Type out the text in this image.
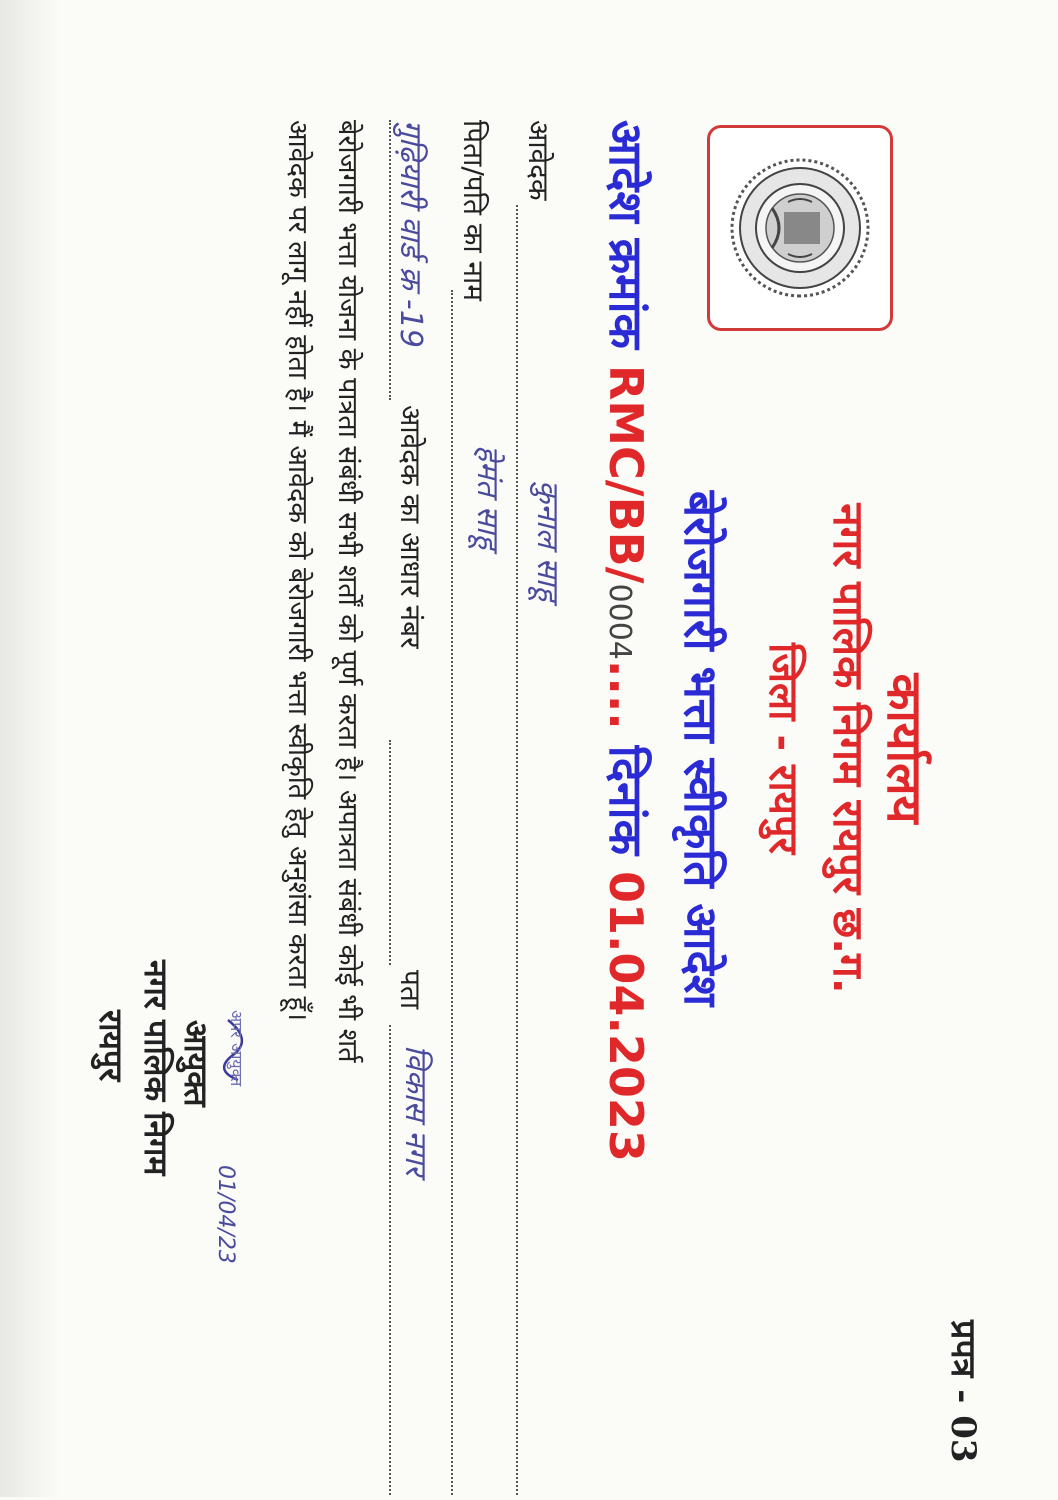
प्रपत्र - 03
कार्यालय
नगर पालिक निगम रायपुर छ.ग.
जिला - रायपुर
बेरोजगारी भत्ता स्वीकृति आदेश
आदेश क्रमांक RMC/BB/0004.... दिनांक 01.04.2023
आवेदक
कुनाल साहू
पिता/पति का नाम
हेमंत साहू
गुढ़ियारी वार्ड क्र -19
आवेदक का आधार नंबर
पता
विकास नगर
बेरोजगारी भत्ता योजना के पात्रता संबंधी सभी शर्तों को पूर्ण करता है। अपात्रता संबंधी कोई भी शर्त
आवेदक पर लागू नहीं होता है। मैं आवेदक को बेरोजगारी भत्ता स्वीकृति हेतु अनुशंसा करता हूँ।
अपर आयुक्त
01/04/23
आयुक्त
नगर पालिक निगम
रायपुर
